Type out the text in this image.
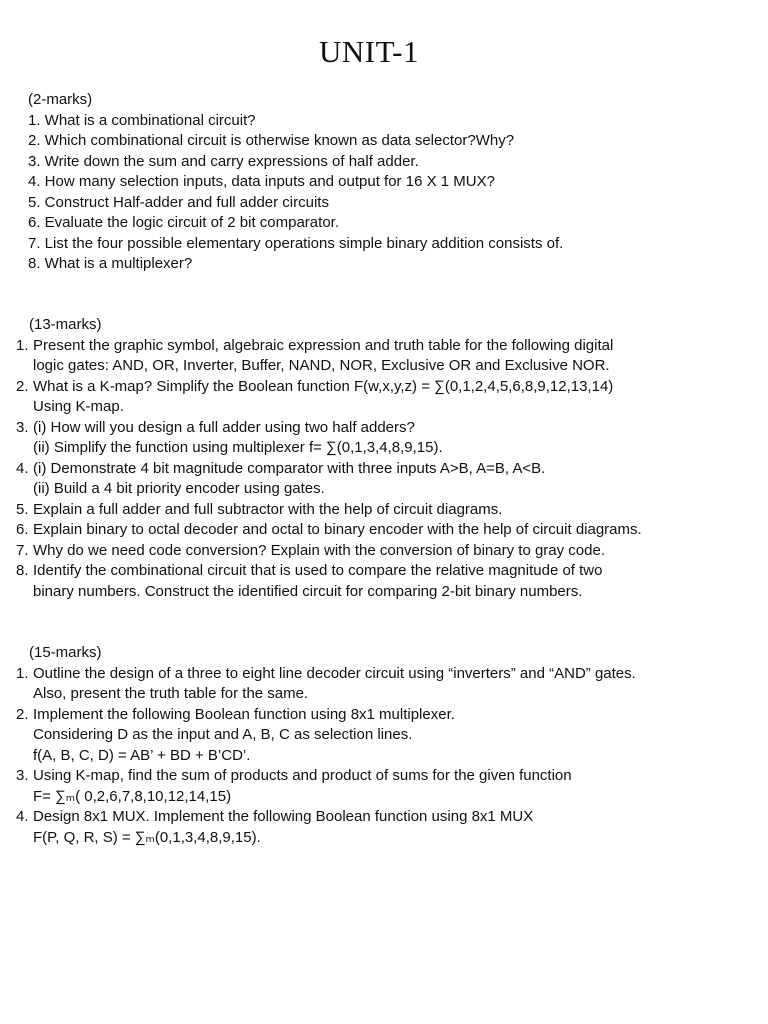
UNIT-1
(2-marks)
1. What is a combinational circuit?
2. Which combinational circuit is otherwise known as data selector?Why?
3. Write down the sum and carry expressions of half adder.
4. How many selection inputs, data inputs and output for 16 X 1 MUX?
5. Construct Half-adder and full adder circuits
6. Evaluate the logic circuit of 2 bit comparator.
7. List the four possible elementary operations simple binary addition consists of.
8. What is a multiplexer?
(13-marks)
1. Present the graphic symbol, algebraic expression and truth table for the following digital
logic gates: AND, OR, Inverter, Buffer, NAND, NOR, Exclusive OR and Exclusive NOR.
2. What is a K-map? Simplify the Boolean function F(w,x,y,z) = ∑(0,1,2,4,5,6,8,9,12,13,14)
Using K-map.
3. (i) How will you design a full adder using two half adders?
(ii) Simplify the function using multiplexer f= ∑(0,1,3,4,8,9,15).
4. (i) Demonstrate 4 bit magnitude comparator with three inputs A>B, A=B, A<B.
(ii) Build a 4 bit priority encoder using gates.
5. Explain a full adder and full subtractor with the help of circuit diagrams.
6. Explain binary to octal decoder and octal to binary encoder with the help of circuit diagrams.
7. Why do we need code conversion? Explain with the conversion of binary to gray code.
8. Identify the combinational circuit that is used to compare the relative magnitude of two
binary numbers. Construct the identified circuit for comparing 2-bit binary numbers.
(15-marks)
1. Outline the design of a three to eight line decoder circuit using “inverters” and “AND” gates.
Also, present the truth table for the same.
2. Implement the following Boolean function using 8x1 multiplexer.
Considering D as the input and A, B, C as selection lines.
f(A, B, C, D) = AB’ + BD + B’CD’.
3. Using K-map, find the sum of products and product of sums for the given function
F= ∑ₘ( 0,2,6,7,8,10,12,14,15)
4. Design 8x1 MUX. Implement the following Boolean function using 8x1 MUX
F(P, Q, R, S) = ∑ₘ(0,1,3,4,8,9,15).
